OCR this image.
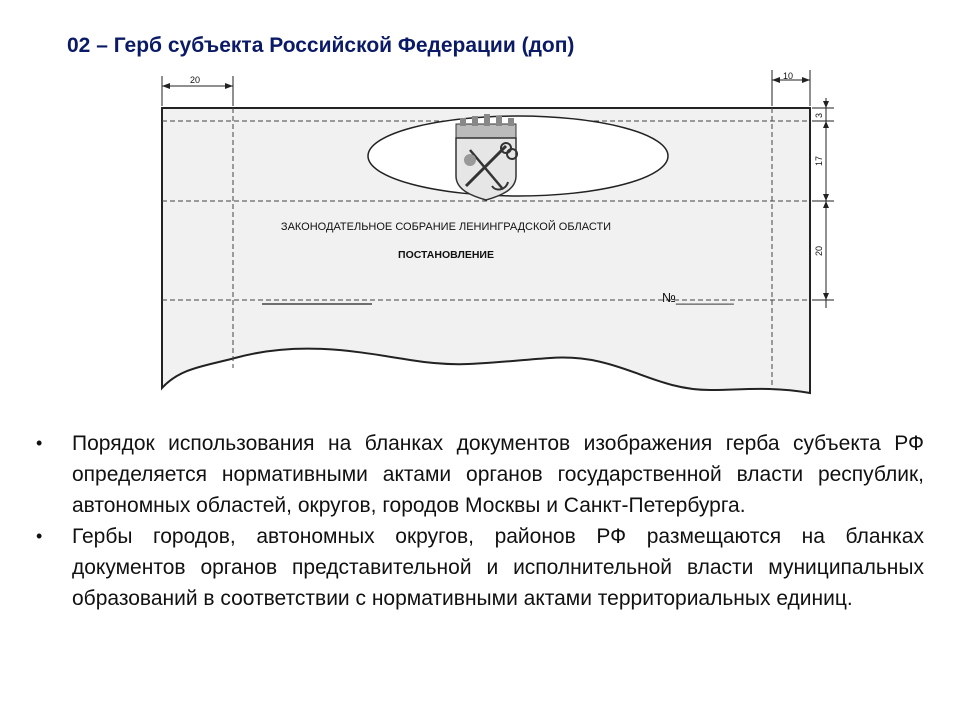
02 – Герб субъекта Российской Федерации (доп)
20	10
3
17
20
ЗАКОНОДАТЕЛЬНОЕ СОБРАНИЕ ЛЕНИНГРАДСКОЙ ОБЛАСТИ
ПОСТАНОВЛЕНИЕ
№________
• Порядок использования на бланках документов изображения герба субъекта РФ определяется нормативными актами органов государственной власти республик, автономных областей, округов, городов Москвы и Санкт-Петербурга.
• Гербы городов, автономных округов, районов РФ размещаются на бланках документов органов представительной и исполнительной власти муниципальных образований в соответствии с нормативными актами территориальных единиц.
